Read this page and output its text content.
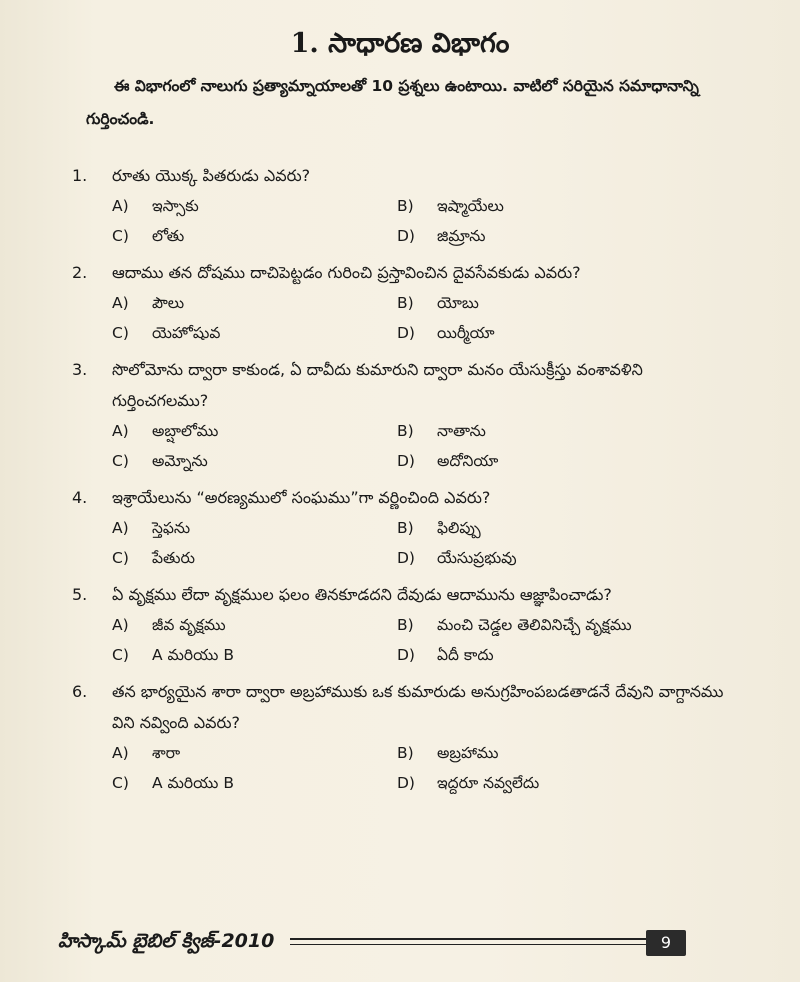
1. సాధారణ విభాగం
ఈ విభాగంలో నాలుగు ప్రత్యామ్నాయాలతో 10 ప్రశ్నలు ఉంటాయి. వాటిలో సరియైన సమాధానాన్ని గుర్తించండి.
1.	రూతు యొక్క పితరుడు ఎవరు?
A)	ఇస్సాకు	B)	ఇష్మాయేలు
C)	లోతు	D)	జిమ్రాను
2.	ఆదాము తన దోషము దాచిపెట్టడం గురించి ప్రస్తావించిన దైవసేవకుడు ఎవరు?
A)	పౌలు	B)	యోబు
C)	యెహోషువ	D)	యిర్మీయా
3.	సొలోమోను ద్వారా కాకుండ, ఏ దావీదు కుమారుని ద్వారా మనం యేసుక్రీస్తు వంశావళిని గుర్తించగలము?
A)	అబ్షాలోము	B)	నాతాను
C)	అమ్నోను	D)	అదోనియా
4.	ఇశ్రాయేలును “అరణ్యములో సంఘము”గా వర్ణించింది ఎవరు?
A)	స్తెఫను	B)	ఫిలిప్పు
C)	పేతురు	D)	యేసుప్రభువు
5.	ఏ వృక్షము లేదా వృక్షముల ఫలం తినకూడదని దేవుడు ఆదామును ఆజ్ఞాపించాడు?
A)	జీవ వృక్షము	B)	మంచి చెడ్డల తెలివినిచ్చే వృక్షము
C)	A మరియు B	D)	ఏదీ కాదు
6.	తన భార్యయైన శారా ద్వారా అబ్రహాముకు ఒక కుమారుడు అనుగ్రహింపబడతాడనే దేవుని వాగ్దానము విని నవ్వింది ఎవరు?
A)	శారా	B)	అబ్రహాము
C)	A మరియు B	D)	ఇద్దరూ నవ్వలేదు
హిస్కామ్ బైబిల్ క్విజ్-2010	9
